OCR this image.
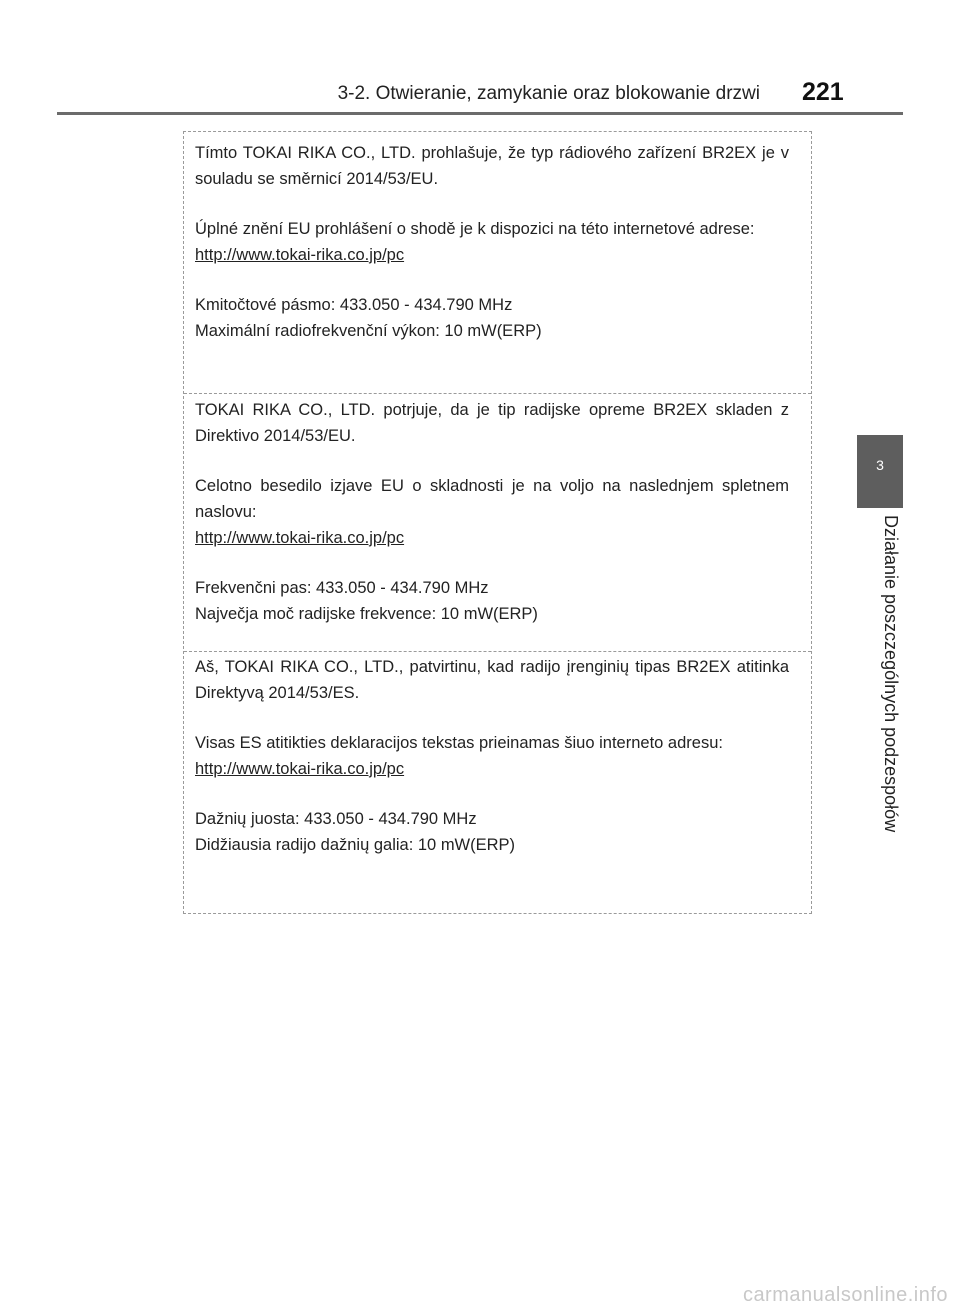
3-2. Otwieranie, zamykanie oraz blokowanie drzwi 221
3
Działanie poszczególnych podzespołów

Tímto TOKAI RIKA CO., LTD. prohlašuje, že typ rádiového zařízení BR2EX je v souladu se směrnicí 2014/53/EU.

Úplné znění EU prohlášení o shodě je k dispozici na této internetové adrese:

http://www.tokai-rika.co.jp/pc

Kmitočtové pásmo: 433.050 - 434.790 MHz

Maximální radiofrekvenční výkon: 10 mW(ERP)

TOKAI RIKA CO., LTD. potrjuje, da je tip radijske opreme BR2EX skladen z Direktivo 2014/53/EU.

Celotno besedilo izjave EU o skladnosti je na voljo na naslednjem spletnem naslovu:

http://www.tokai-rika.co.jp/pc

Frekvenčni pas: 433.050 - 434.790 MHz

Največja moč radijske frekvence: 10 mW(ERP)

Aš, TOKAI RIKA CO., LTD., patvirtinu, kad radijo įrenginių tipas BR2EX atitinka Direktyvą 2014/53/ES.

Visas ES atitikties deklaracijos tekstas prieinamas šiuo interneto adresu:

http://www.tokai-rika.co.jp/pc

Dažnių juosta: 433.050 - 434.790 MHz

Didžiausia radijo dažnių galia: 10 mW(ERP)

carmanualsonline.info
